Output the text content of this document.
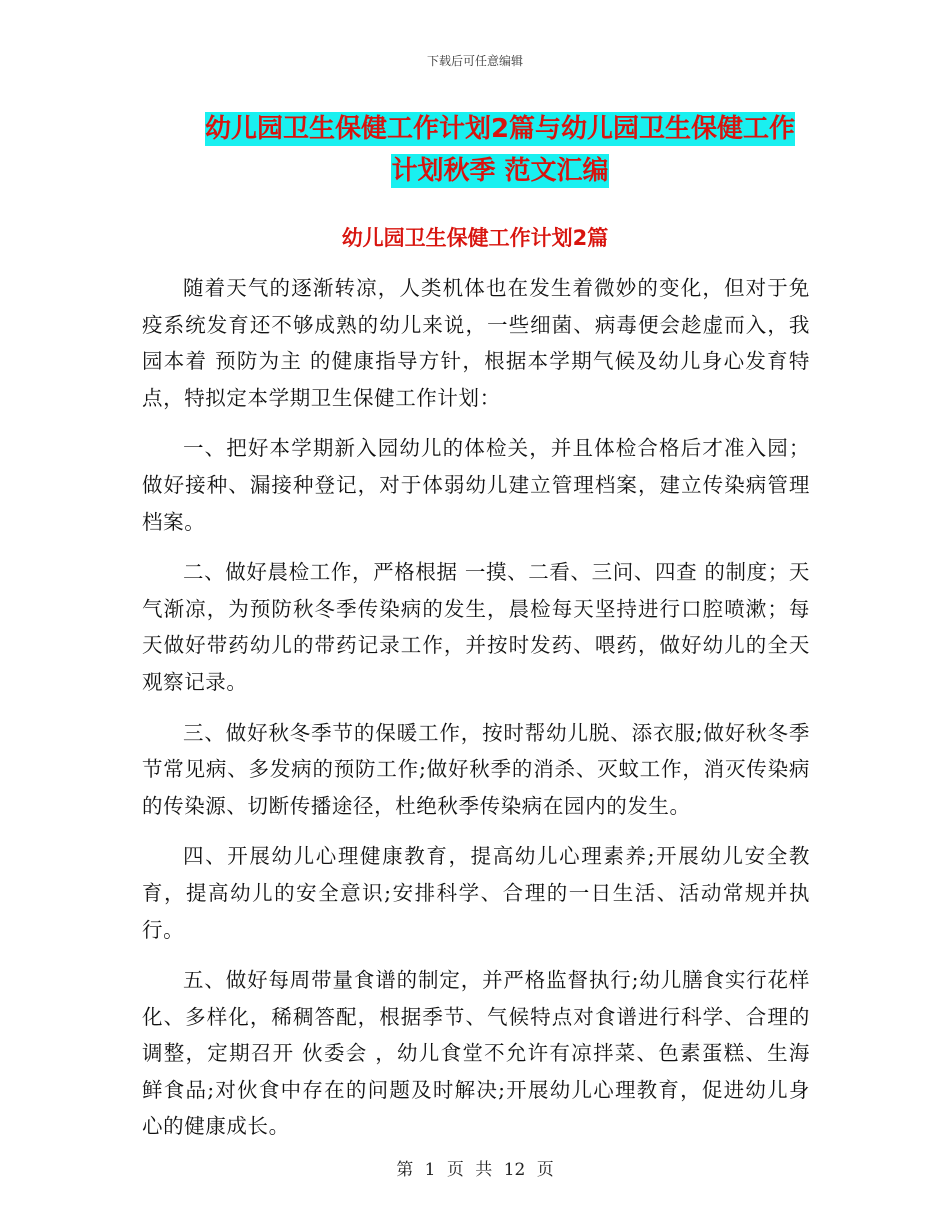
下载后可任意编辑
幼儿园卫生保健工作计划2篇与幼儿园卫生保健工作
计划秋季 范文汇编
幼儿园卫生保健工作计划2篇

随着天气的逐渐转凉，人类机体也在发生着微妙的变化，但对于免疫系统发育还不够成熟的幼儿来说，一些细菌、病毒便会趁虚而入，我园本着 预防为主 的健康指导方针，根据本学期气候及幼儿身心发育特点，特拟定本学期卫生保健工作计划：

一、把好本学期新入园幼儿的体检关，并且体检合格后才准入园；做好接种、漏接种登记，对于体弱幼儿建立管理档案，建立传染病管理档案。

二、做好晨检工作，严格根据 一摸、二看、三问、四查 的制度；天气渐凉，为预防秋冬季传染病的发生，晨检每天坚持进行口腔喷漱；每天做好带药幼儿的带药记录工作，并按时发药、喂药，做好幼儿的全天观察记录。

三、做好秋冬季节的保暖工作，按时帮幼儿脱、添衣服;做好秋冬季节常见病、多发病的预防工作;做好秋季的消杀、灭蚊工作，消灭传染病的传染源、切断传播途径，杜绝秋季传染病在园内的发生。

四、开展幼儿心理健康教育，提高幼儿心理素养;开展幼儿安全教育，提高幼儿的安全意识;安排科学、合理的一日生活、活动常规并执行。

五、做好每周带量食谱的制定，并严格监督执行;幼儿膳食实行花样化、多样化，稀稠答配，根据季节、气候特点对食谱进行科学、合理的调整，定期召开 伙委会 ，幼儿食堂不允许有凉拌菜、色素蛋糕、生海鲜食品;对伙食中存在的问题及时解决;开展幼儿心理教育，促进幼儿身心的健康成长。

第 1 页 共 12 页
